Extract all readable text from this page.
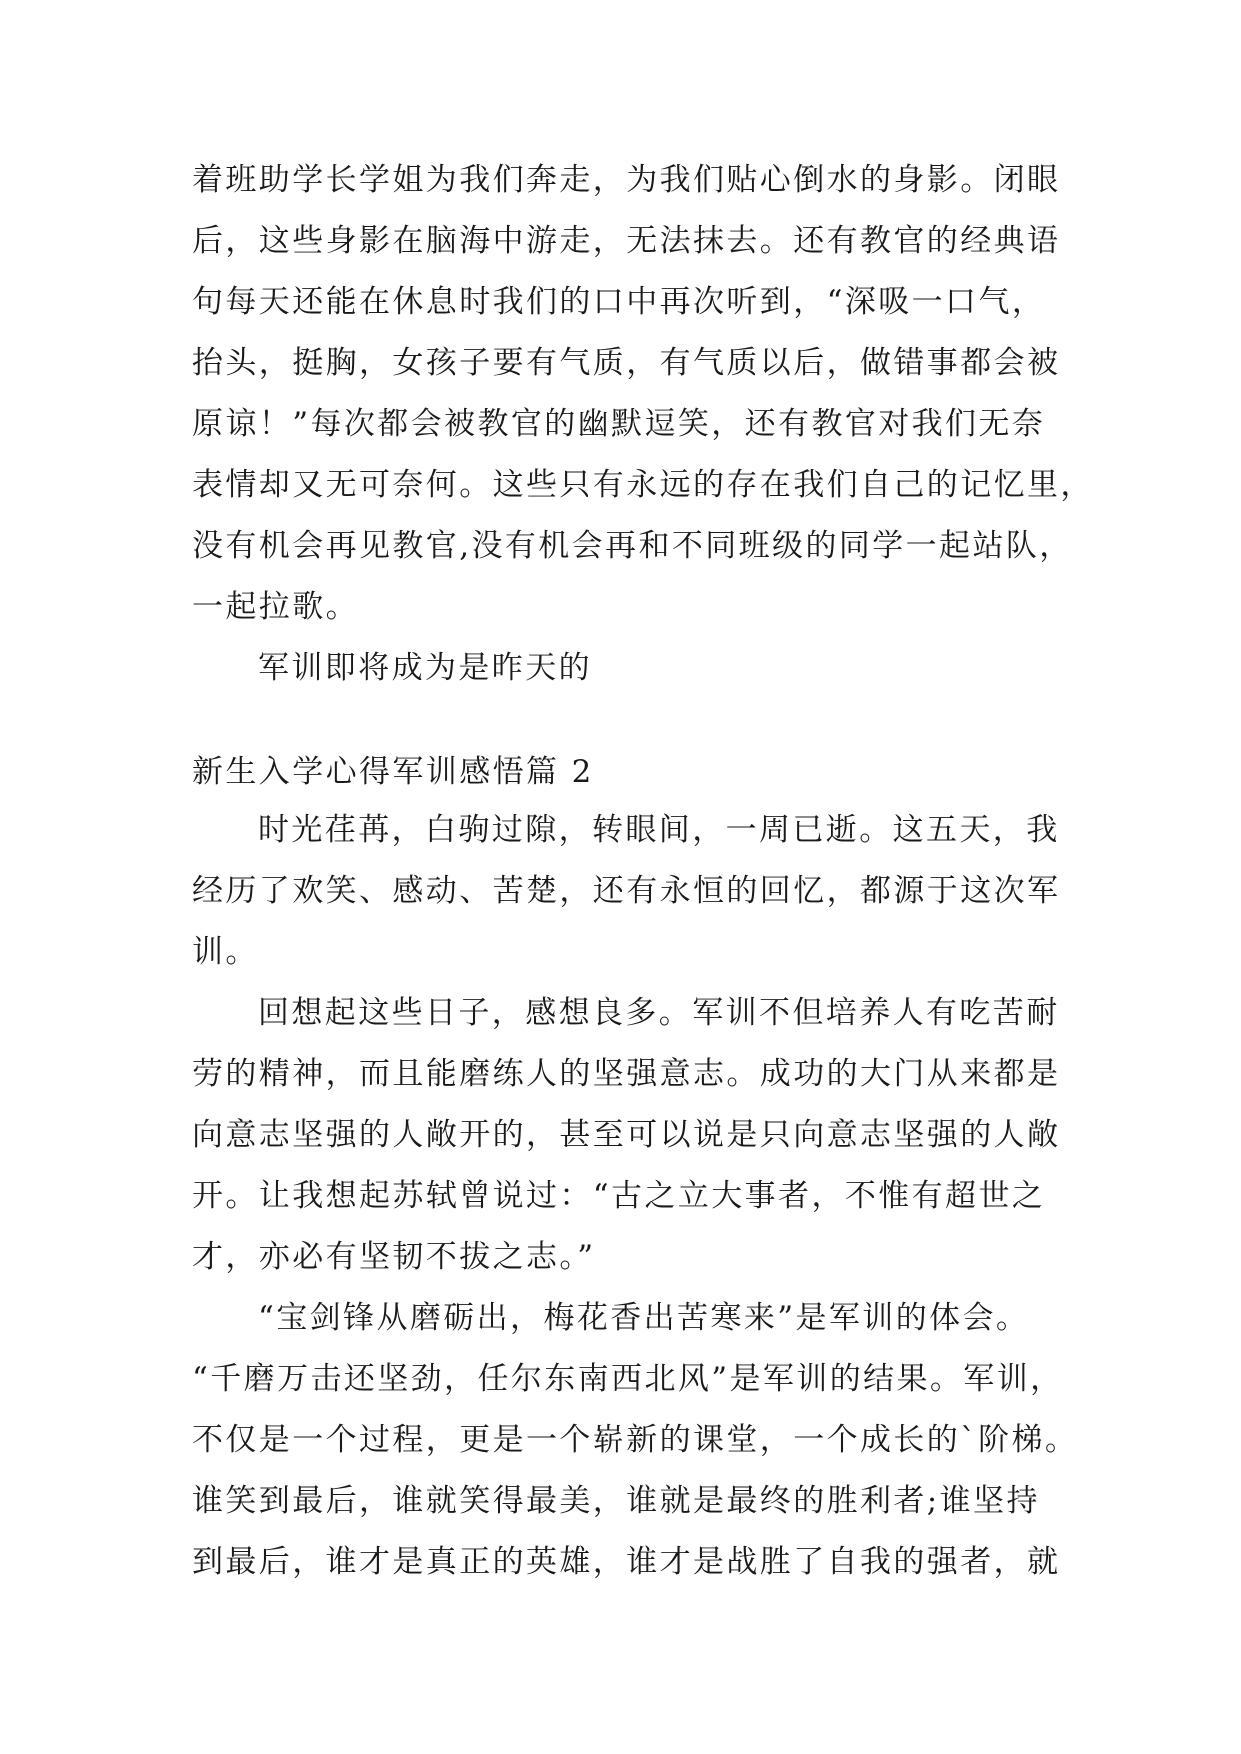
着班助学长学姐为我们奔走，为我们贴心倒水的身影。闭眼
后，这些身影在脑海中游走，无法抹去。还有教官的经典语
句每天还能在休息时我们的口中再次听到，“深吸一口气，
抬头，挺胸，女孩子要有气质，有气质以后，做错事都会被
原谅！”每次都会被教官的幽默逗笑，还有教官对我们无奈
表情却又无可奈何。这些只有永远的存在我们自己的记忆里，
没有机会再见教官,没有机会再和不同班级的同学一起站队，
一起拉歌。
军训即将成为是昨天的
新生入学心得军训感悟篇 2
时光荏苒，白驹过隙，转眼间，一周已逝。这五天，我
经历了欢笑、感动、苦楚，还有永恒的回忆，都源于这次军
训。
回想起这些日子，感想良多。军训不但培养人有吃苦耐
劳的精神，而且能磨练人的坚强意志。成功的大门从来都是
向意志坚强的人敞开的，甚至可以说是只向意志坚强的人敞
开。让我想起苏轼曾说过：“古之立大事者，不惟有超世之
才，亦必有坚韧不拔之志。”
“宝剑锋从磨砺出，梅花香出苦寒来”是军训的体会。
“千磨万击还坚劲，任尔东南西北风”是军训的结果。军训，
不仅是一个过程，更是一个崭新的课堂，一个成长的`阶梯。
谁笑到最后，谁就笑得最美，谁就是最终的胜利者;谁坚持
到最后，谁才是真正的英雄，谁才是战胜了自我的强者，就
